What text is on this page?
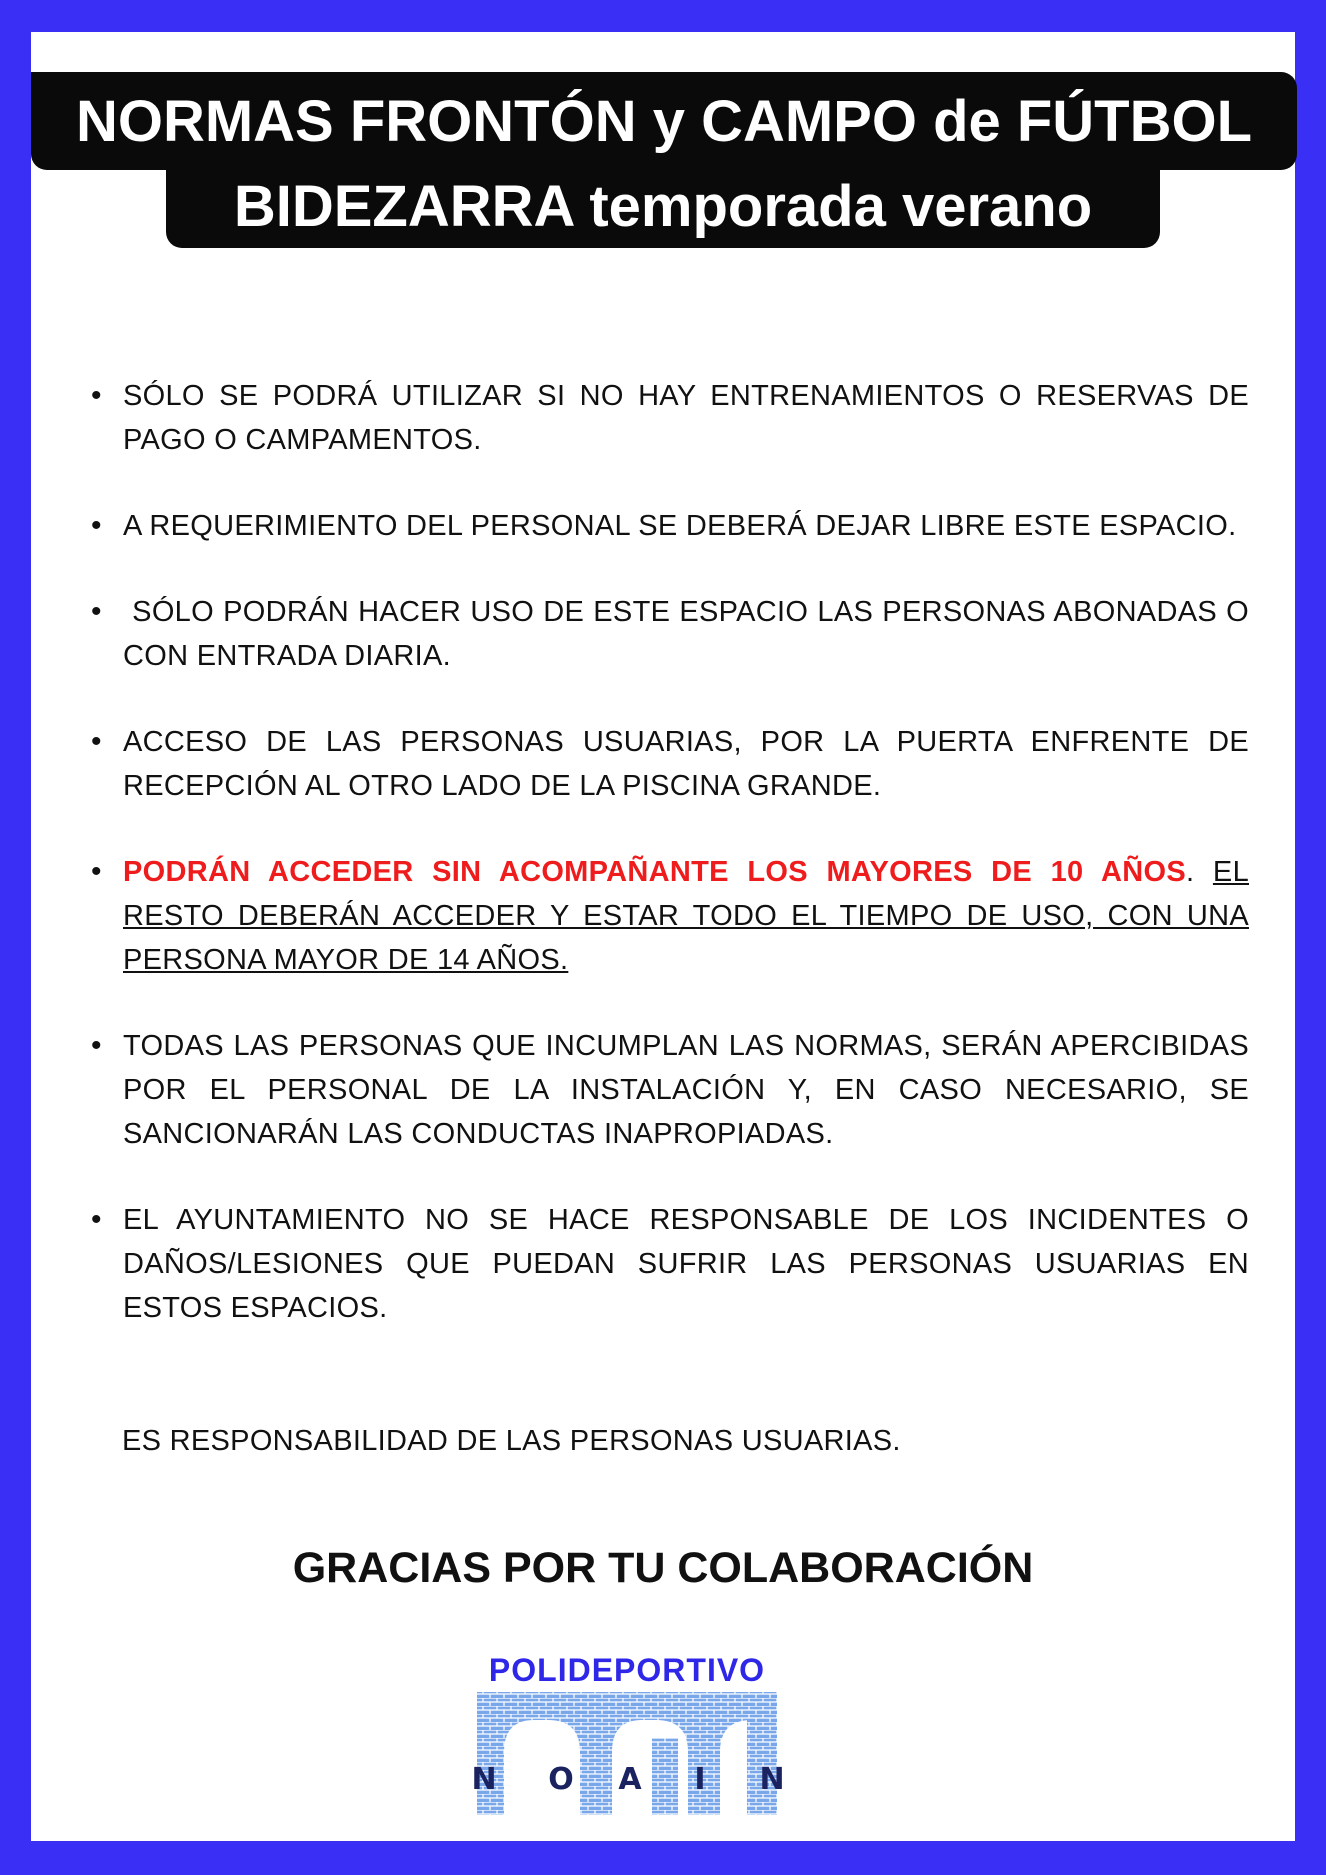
NORMAS FRONTÓN y CAMPO de FÚTBOL
BIDEZARRA temporada verano
• SÓLO SE PODRÁ UTILIZAR SI NO HAY ENTRENAMIENTOS O RESERVAS DE PAGO O CAMPAMENTOS.
• A REQUERIMIENTO DEL PERSONAL SE DEBERÁ DEJAR LIBRE ESTE ESPACIO.
•  SÓLO PODRÁN HACER USO DE ESTE ESPACIO LAS PERSONAS ABONADAS O CON ENTRADA DIARIA.
• ACCESO DE LAS PERSONAS USUARIAS, POR LA PUERTA ENFRENTE DE RECEPCIÓN AL OTRO LADO DE LA PISCINA GRANDE.
• PODRÁN ACCEDER SIN ACOMPAÑANTE LOS MAYORES DE 10 AÑOS. EL RESTO DEBERÁN ACCEDER Y ESTAR TODO EL TIEMPO DE USO, CON UNA PERSONA MAYOR DE 14 AÑOS.
• TODAS LAS PERSONAS QUE INCUMPLAN LAS NORMAS, SERÁN APERCIBIDAS POR EL PERSONAL DE LA INSTALACIÓN Y, EN CASO NECESARIO, SE SANCIONARÁN LAS CONDUCTAS INAPROPIADAS.
• EL AYUNTAMIENTO NO SE HACE RESPONSABLE DE LOS INCIDENTES O DAÑOS/LESIONES QUE PUEDAN SUFRIR LAS PERSONAS USUARIAS EN ESTOS ESPACIOS.
ES RESPONSABILIDAD DE LAS PERSONAS USUARIAS.
GRACIAS POR TU COLABORACIÓN
POLIDEPORTIVO
N O A	I	N
